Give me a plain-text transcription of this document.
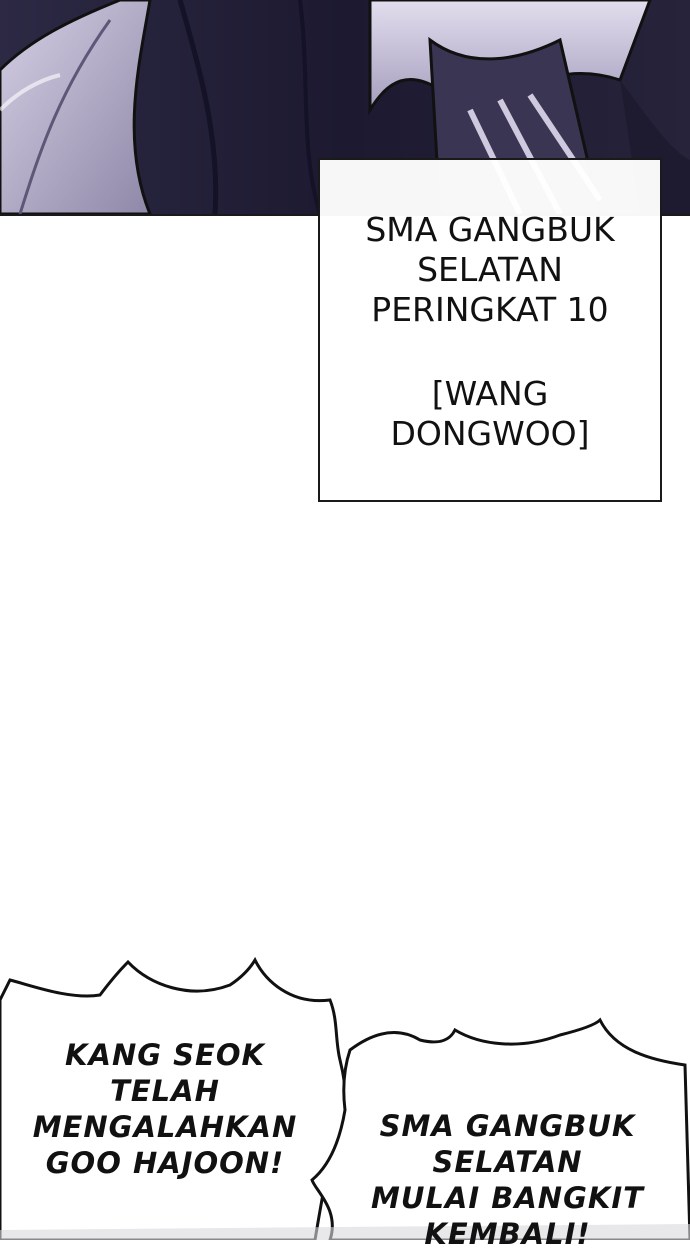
SMA GANGBUK
SELATAN
PERINGKAT 10
[WANG
DONGWOO]
KANG SEOK
TELAH
MENGALAHKAN
GOO HAJOON!
SMA GANGBUK
SELATAN
MULAI BANGKIT
KEMBALI!
